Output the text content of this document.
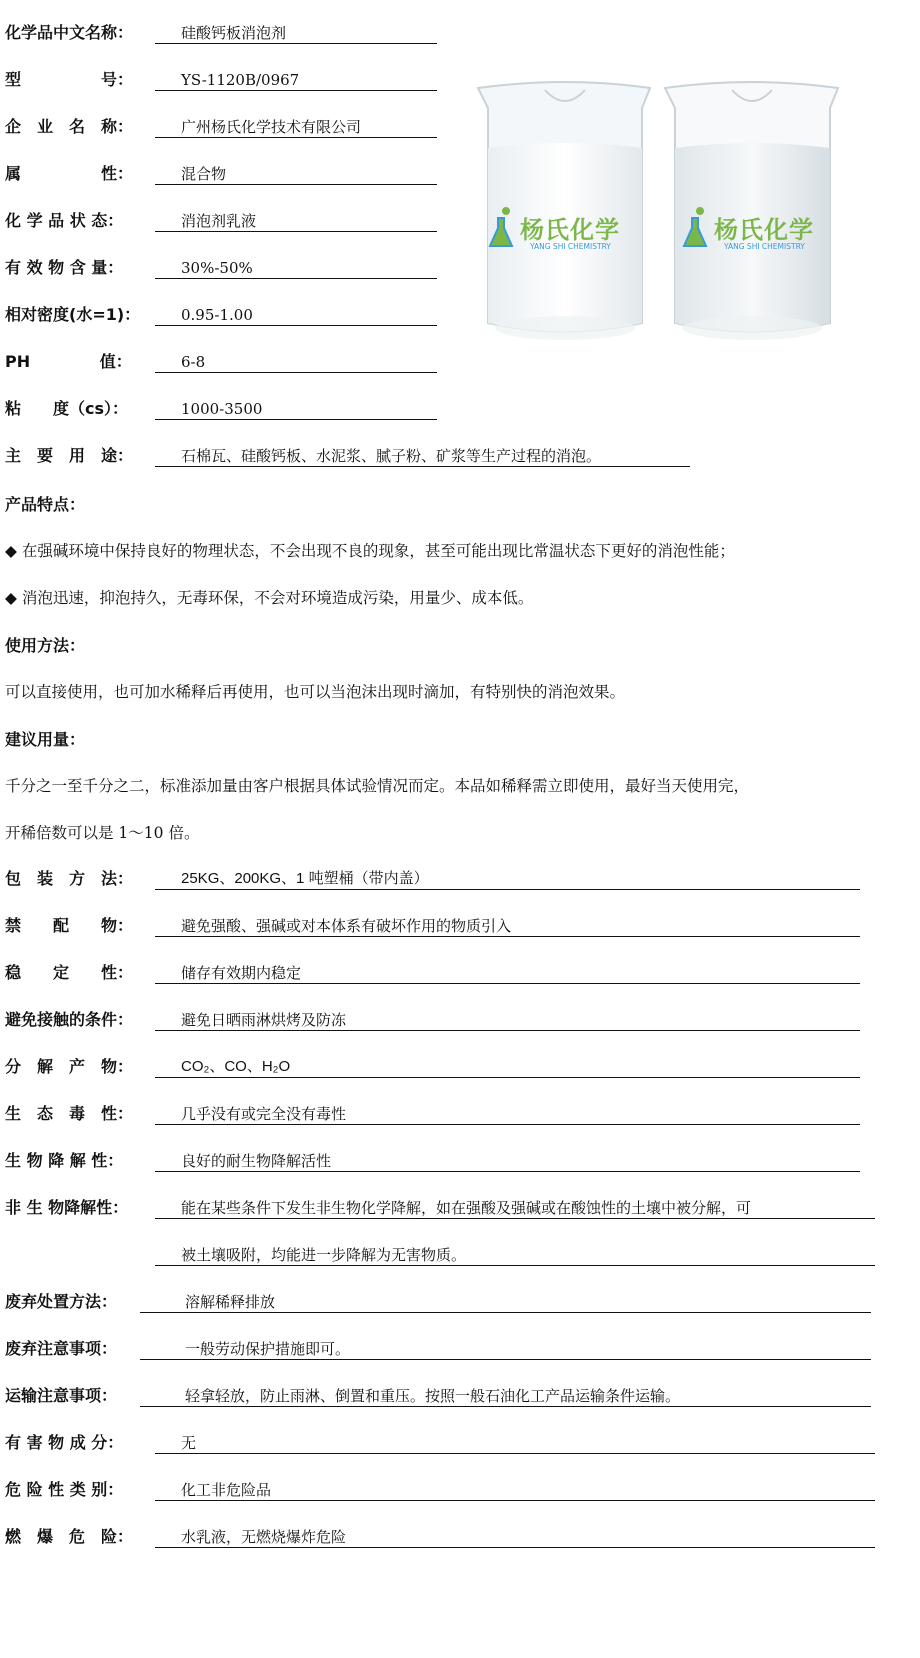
化学品中文名称：	硅酸钙板消泡剂
型　　　　　号：	YS-1120B/0967
企　业　名　称：	广州杨氏化学技术有限公司
属　　　　　性：	混合物
化 学 品 状 态：	消泡剂乳液
有 效 物 含 量：	30%-50%
相对密度(水=1)：	0.95-1.00
PH　　　　 值：	6-8
粘　　度（cs）：	1000-3500
主　要　用　途：	石棉瓦、硅酸钙板、水泥浆、腻子粉、矿浆等生产过程的消泡。
杨氏化学
YANG SHI CHEMISTRY
杨氏化学
YANG SHI CHEMISTRY
产品特点：
◆ 在强碱环境中保持良好的物理状态，不会出现不良的现象，甚至可能出现比常温状态下更好的消泡性能；
◆ 消泡迅速，抑泡持久，无毒环保，不会对环境造成污染，用量少、成本低。
使用方法：
可以直接使用，也可加水稀释后再使用，也可以当泡沫出现时滴加，有特别快的消泡效果。
建议用量：
千分之一至千分之二，标准添加量由客户根据具体试验情况而定。本品如稀释需立即使用，最好当天使用完，
开稀倍数可以是 1～10 倍。
包　装　方　法：	25KG、200KG、1 吨塑桶（带内盖）
禁　　配　　物：	避免强酸、强碱或对本体系有破坏作用的物质引入
稳　　定　　性：	储存有效期内稳定
避免接触的条件：	避免日晒雨淋烘烤及防冻
分　解　产　物：	CO₂、CO、H₂O
生　态　毒　性：	几乎没有或完全没有毒性
生 物 降 解 性：	良好的耐生物降解活性
非 生 物降解性：	能在某些条件下发生非生物化学降解，如在强酸及强碱或在酸蚀性的土壤中被分解，可
被土壤吸附，均能进一步降解为无害物质。
废弃处置方法：	溶解稀释排放
废弃注意事项：	一般劳动保护措施即可。
运输注意事项：	轻拿轻放，防止雨淋、倒置和重压。按照一般石油化工产品运输条件运输。
有 害 物 成 分：	无
危 险 性 类 别：	化工非危险品
燃　爆　危　险：	水乳液，无燃烧爆炸危险
